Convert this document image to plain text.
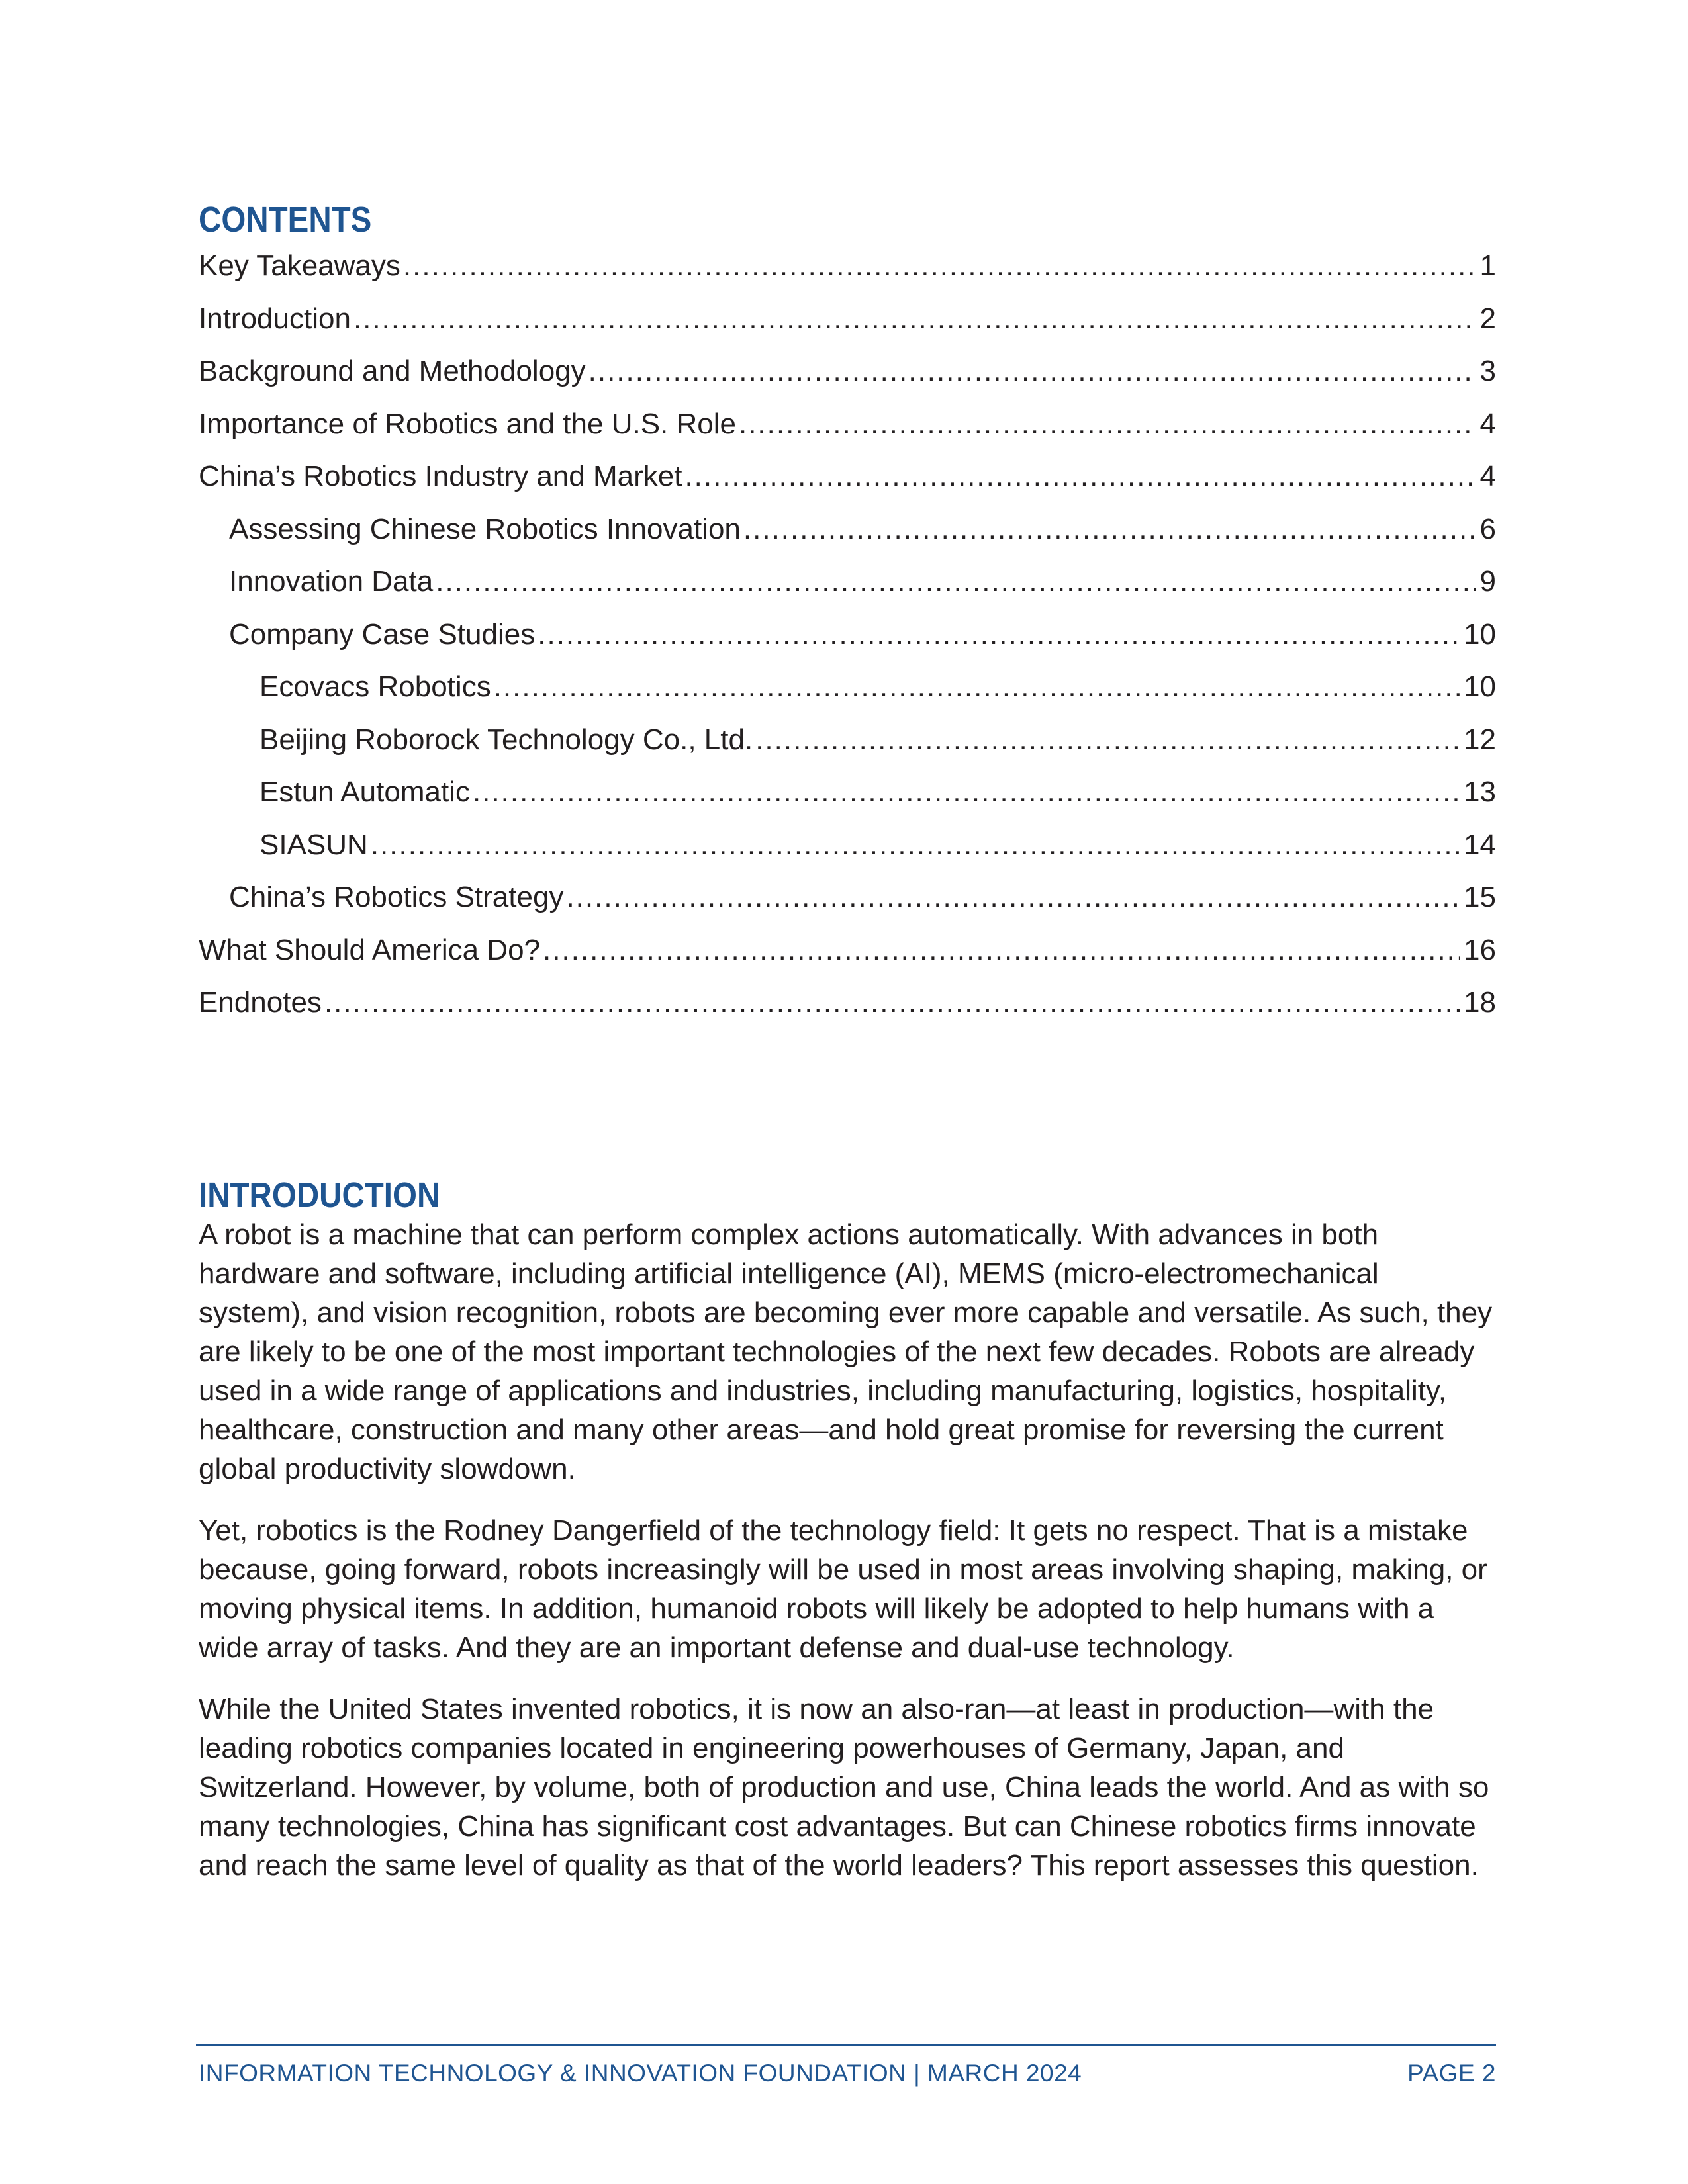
CONTENTS
Key Takeaways .....	1
Introduction .....	2
Background and Methodology .....	3
Importance of Robotics and the U.S. Role .....	4
China’s Robotics Industry and Market .....	4
Assessing Chinese Robotics Innovation .....	6
Innovation Data .....	9
Company Case Studies .....	10
Ecovacs Robotics .....	10
Beijing Roborock Technology Co., Ltd. .....	12
Estun Automatic .....	13
SIASUN .....	14
China’s Robotics Strategy .....	15
What Should America Do? .....	16
Endnotes .....	18
INTRODUCTION

A robot is a machine that can perform complex actions automatically. With advances in both hardware and software, including artificial intelligence (AI), MEMS (micro-electromechanical system), and vision recognition, robots are becoming ever more capable and versatile. As such, they are likely to be one of the most important technologies of the next few decades. Robots are already used in a wide range of applications and industries, including manufacturing, logistics, hospitality, healthcare, construction and many other areas—and hold great promise for reversing the current global productivity slowdown.

Yet, robotics is the Rodney Dangerfield of the technology field: It gets no respect. That is a mistake because, going forward, robots increasingly will be used in most areas involving shaping, making, or moving physical items. In addition, humanoid robots will likely be adopted to help humans with a wide array of tasks. And they are an important defense and dual-use technology.

While the United States invented robotics, it is now an also-ran—at least in production—with the leading robotics companies located in engineering powerhouses of Germany, Japan, and Switzerland. However, by volume, both of production and use, China leads the world. And as with so many technologies, China has significant cost advantages. But can Chinese robotics firms innovate and reach the same level of quality as that of the world leaders? This report assesses this question.

INFORMATION TECHNOLOGY & INNOVATION FOUNDATION | MARCH 2024	PAGE 2
